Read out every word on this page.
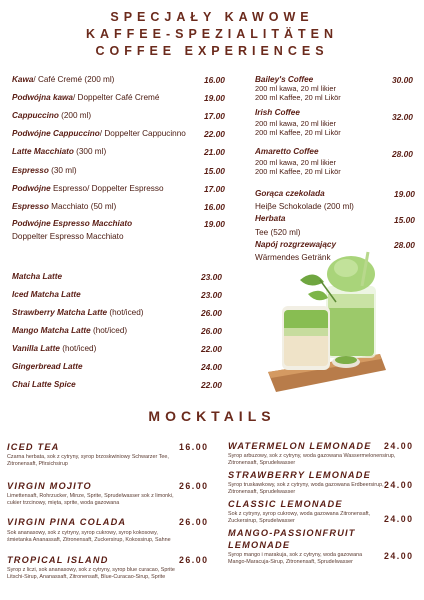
SPECJAŁY KAWOWE
KAFFEE-SPEZIALITÄTEN
COFFEE EXPERIENCES
Kawa/ Café Cremé (200 ml)	16.00
Podwójna kawa/ Doppelter Café Cremé	19.00
Cappuccino (200 ml)	17.00
Podwójne Cappuccino/ Doppelter Cappucinno 22.00
Latte Macchiato (300 ml)	21.00
Espresso (30 ml)	15.00
Podwójne Espresso/ Doppelter Espresso	17.00
Espresso Macchiato (50 ml)	16.00
Podwójne Espresso Macchiato	19.00
Doppelter Espresso Macchiato
Bailey's Coffee	30.00
200 ml kawa, 20 ml likier
200 ml Kaffee, 20 ml Likör
Irish Coffee	32.00
200 ml kawa, 20 ml likier
200 ml Kaffee, 20 ml Likör
Amaretto Coffee	28.00
200 ml kawa, 20 ml likier
200 ml Kaffee, 20 ml Likör
Gorąca czekolada	19.00
Heiβe Schokolade (200 ml)
Herbata	15.00
Tee (520 ml)
Napój rozgrzewający	28.00
Wärmendes Getränk
Matcha Latte	23.00
Iced Matcha Latte	23.00
Strawberry Matcha Latte (hot/iced)	26.00
Mango Matcha Latte (hot/iced)	26.00
Vanilla Latte (hot/iced)	22.00
Gingerbread Latte	24.00
Chai Latte Spice	22.00
MOCKTAILS
ICED TEA	16.00
Czarna herbata, sok z cytryny, syrop brzoskwiniowy Schwarzer Tee, Zitronensaft, Pfirsichsirup
VIRGIN MOJITO	26.00
Limettensaft, Rohrzucker, Minze, Sprite, Sprudelwasser sok z limonki, cukier trzcinowy, mięta, sprite, woda gazowana
VIRGIN PINA COLADA	26.00
Sok ananasowy, sok z cytryny, syrop cukrowy, syrop kokosowy, śmietanka Ananassaft, Zitronensaft, Zuckersirup, Kokossirup, Sahne
TROPICAL ISLAND	26.00
Syrop z liczi, sok ananasowy, sok z cytryny, syrop blue curacao, Sprite Litschi-Sirup, Ananassaft, Zitronensaft, Blue-Curacao-Sirup, Sprite
WATERMELON LEMONADE 24.00
Syrop arbuzowy, sok z cytryny, woda gazowana Wassermelonensirup, Zitronensaft, Sprudelwasser
STRAWBERRY LEMONADE
24.00
Syrop truskawkowy, sok z cytryny, woda gazowana Erdbeersirup, Zitronensaft, Sprudelwasser
CLASSIC LEMONADE
24.00
Sok z cytryny, syrop cukrowy, woda gazowana Zitronensaft, Zuckersirup, Sprudelwasser
MANGO-PASSIONFRUIT
LEMONADE
24.00
Syrop mango i marakuja, sok z cytryny, woda gazowana Mango-Maracuja-Sirup, Zitronensaft, Sprudelwasser
